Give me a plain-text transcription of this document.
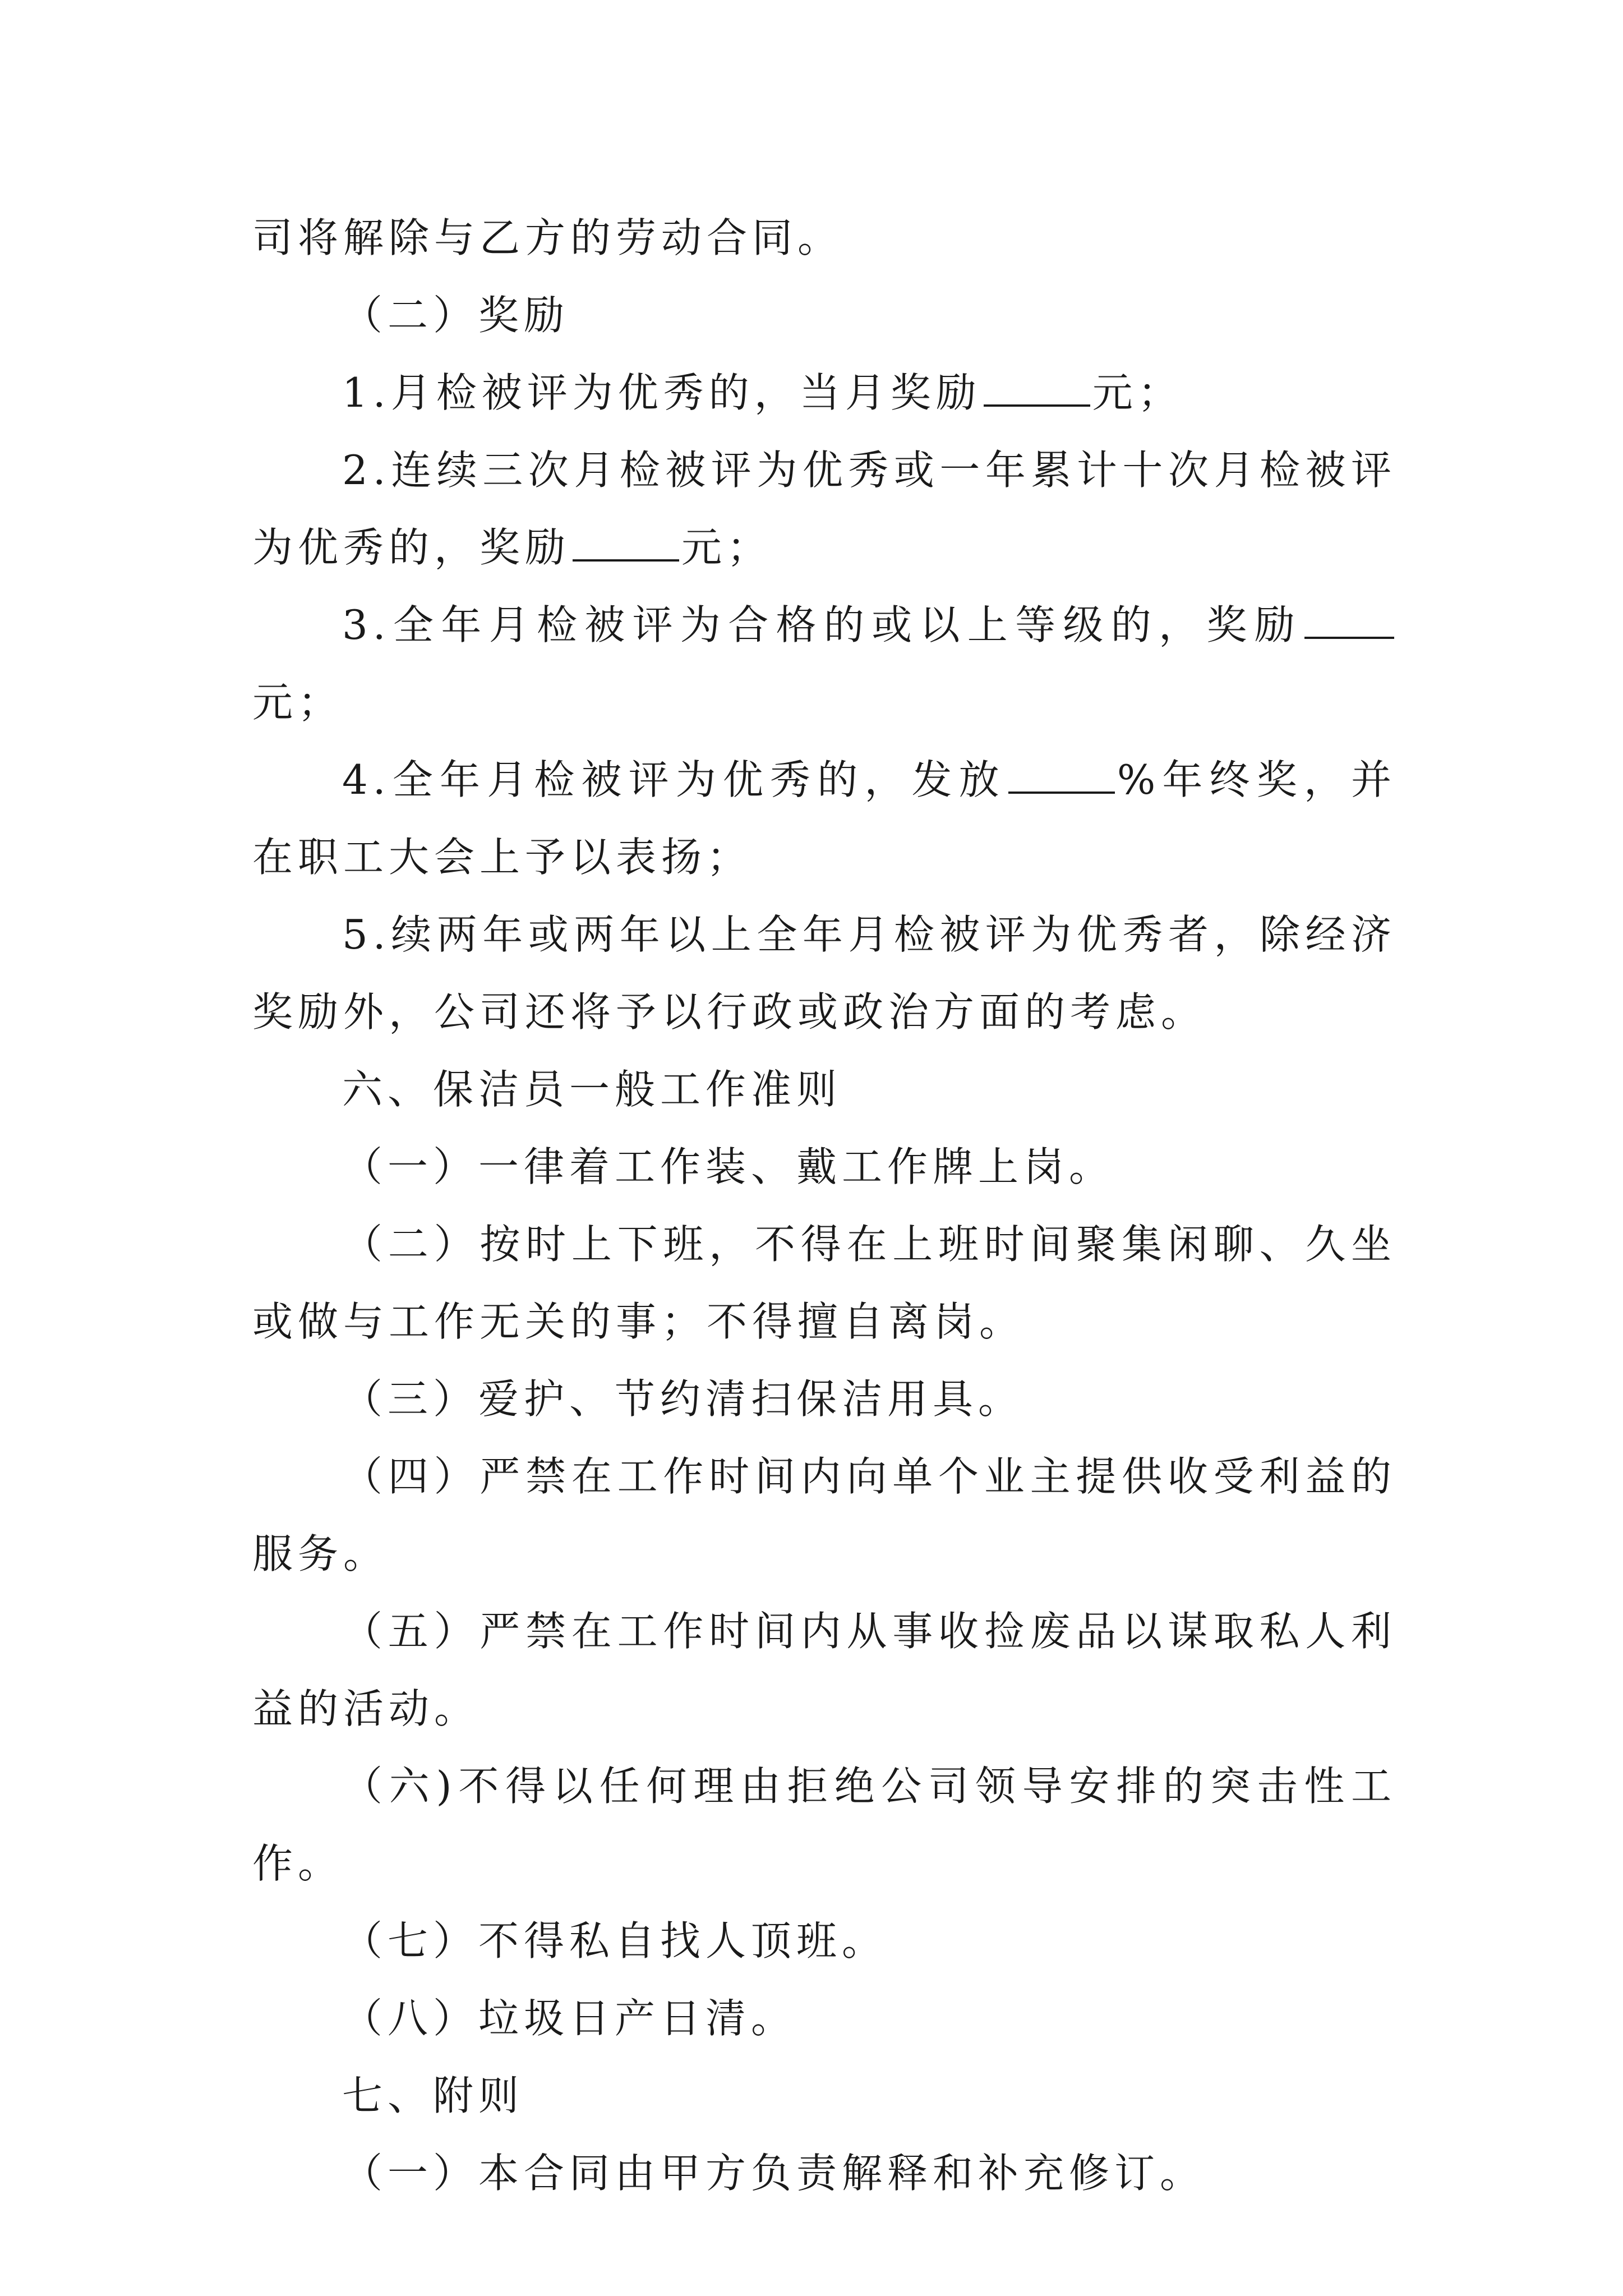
司将解除与乙方的劳动合同。

（二）奖励

1.月检被评为优秀的，当月奖励	元；

2.连续三次月检被评为优秀或一年累计十次月检被评为优秀的，奖励	元；

3.全年月检被评为合格的或以上等级的，奖励元；

4.全年月检被评为优秀的，发放	%年终奖，并在职工大会上予以表扬；

5.续两年或两年以上全年月检被评为优秀者，除经济奖励外，公司还将予以行政或政治方面的考虑。

六、保洁员一般工作准则

（一）一律着工作装、戴工作牌上岗。

（二）按时上下班，不得在上班时间聚集闲聊、久坐或做与工作无关的事；不得擅自离岗。

（三）爱护、节约清扫保洁用具。

（四）严禁在工作时间内向单个业主提供收受利益的服务。

（五）严禁在工作时间内从事收捡废品以谋取私人利益的活动。

（六)不得以任何理由拒绝公司领导安排的突击性工作。

（七）不得私自找人顶班。

（八）垃圾日产日清。

七、附则

（一）本合同由甲方负责解释和补充修订。
